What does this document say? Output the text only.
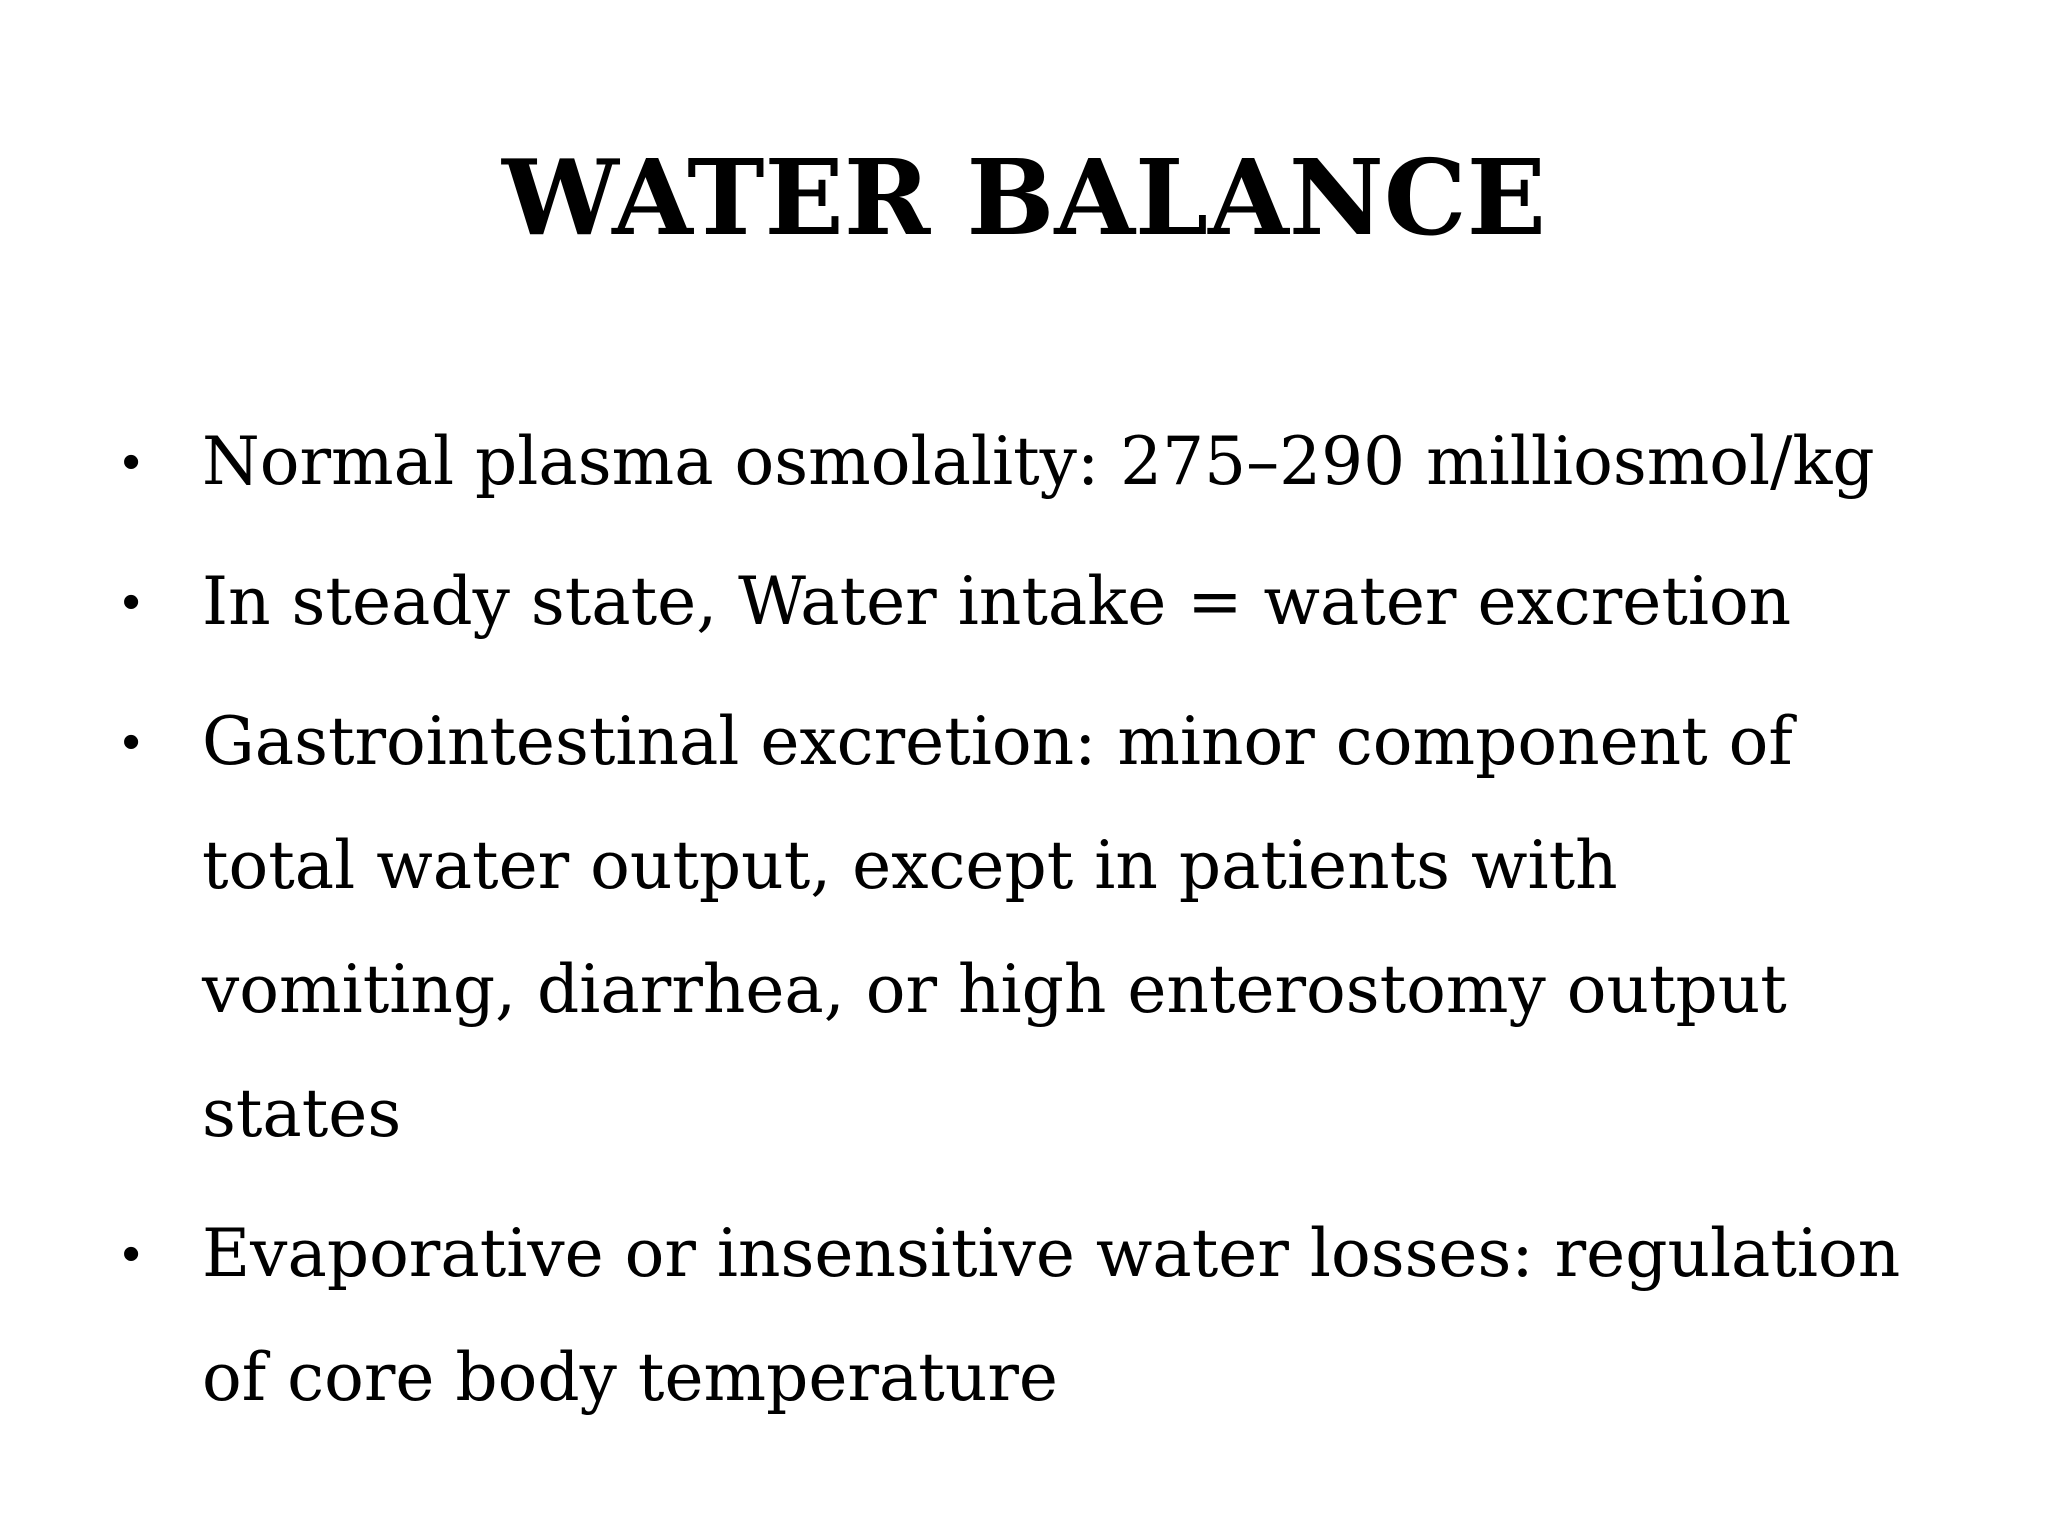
WATER BALANCE
• Normal plasma osmolality: 275–290 milliosmol/kg
• In steady state, Water intake = water excretion
• Gastrointestinal excretion: minor component of total water output, except in patients with vomiting, diarrhea, or high enterostomy output states
• Evaporative or insensitive water losses: regulation of core body temperature
